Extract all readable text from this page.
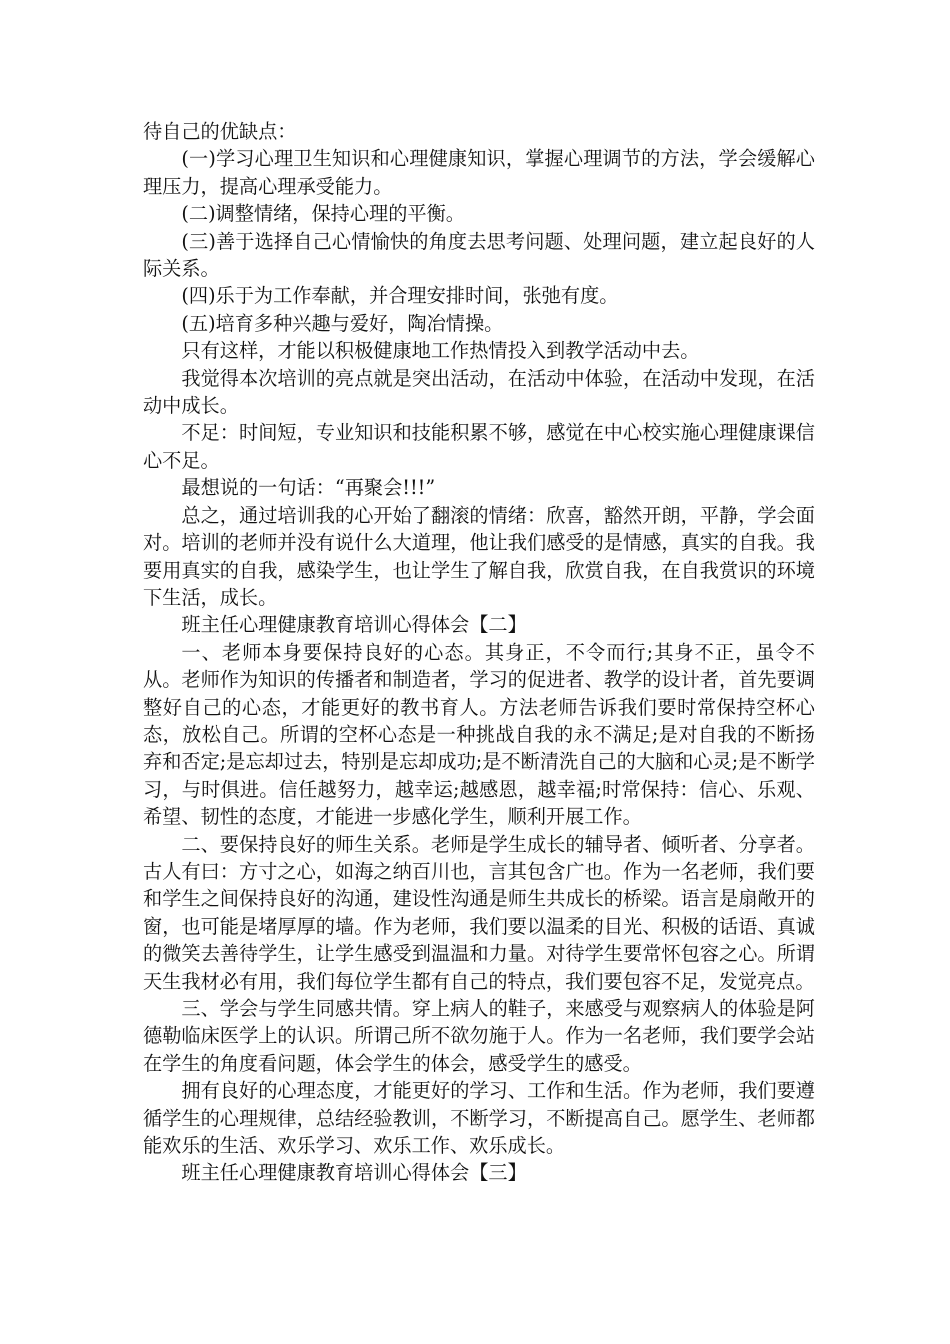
待自己的优缺点：

(一)学习心理卫生知识和心理健康知识，掌握心理调节的方法，学会缓解心理压力，提高心理承受能力。

(二)调整情绪，保持心理的平衡。

(三)善于选择自己心情愉快的角度去思考问题、处理问题，建立起良好的人际关系。

(四)乐于为工作奉献，并合理安排时间，张弛有度。

(五)培育多种兴趣与爱好，陶冶情操。

只有这样，才能以积极健康地工作热情投入到教学活动中去。

我觉得本次培训的亮点就是突出活动，在活动中体验，在活动中发现，在活动中成长。

不足：时间短，专业知识和技能积累不够，感觉在中心校实施心理健康课信心不足。

最想说的一句话：“再聚会!!!”

总之，通过培训我的心开始了翻滚的情绪：欣喜，豁然开朗，平静，学会面对。培训的老师并没有说什么大道理，他让我们感受的是情感，真实的自我。我要用真实的自我，感染学生，也让学生了解自我，欣赏自我，在自我赏识的环境下生活，成长。

班主任心理健康教育培训心得体会【二】

一、老师本身要保持良好的心态。其身正，不令而行;其身不正，虽令不从。老师作为知识的传播者和制造者，学习的促进者、教学的设计者，首先要调整好自己的心态，才能更好的教书育人。方法老师告诉我们要时常保持空杯心态，放松自己。所谓的空杯心态是一种挑战自我的永不满足;是对自我的不断扬弃和否定;是忘却过去，特别是忘却成功;是不断清洗自己的大脑和心灵;是不断学习，与时俱进。信任越努力，越幸运;越感恩，越幸福;时常保持：信心、乐观、希望、韧性的态度，才能进一步感化学生，顺利开展工作。

二、要保持良好的师生关系。老师是学生成长的辅导者、倾听者、分享者。古人有曰：方寸之心，如海之纳百川也，言其包含广也。作为一名老师，我们要和学生之间保持良好的沟通，建设性沟通是师生共成长的桥梁。语言是扇敞开的窗，也可能是堵厚厚的墙。作为老师，我们要以温柔的目光、积极的话语、真诚的微笑去善待学生，让学生感受到温温和力量。对待学生要常怀包容之心。所谓天生我材必有用，我们每位学生都有自己的特点，我们要包容不足，发觉亮点。

三、学会与学生同感共情。穿上病人的鞋子，来感受与观察病人的体验是阿德勒临床医学上的认识。所谓己所不欲勿施于人。作为一名老师，我们要学会站在学生的角度看问题，体会学生的体会，感受学生的感受。

拥有良好的心理态度，才能更好的学习、工作和生活。作为老师，我们要遵循学生的心理规律，总结经验教训，不断学习，不断提高自己。愿学生、老师都能欢乐的生活、欢乐学习、欢乐工作、欢乐成长。

班主任心理健康教育培训心得体会【三】
